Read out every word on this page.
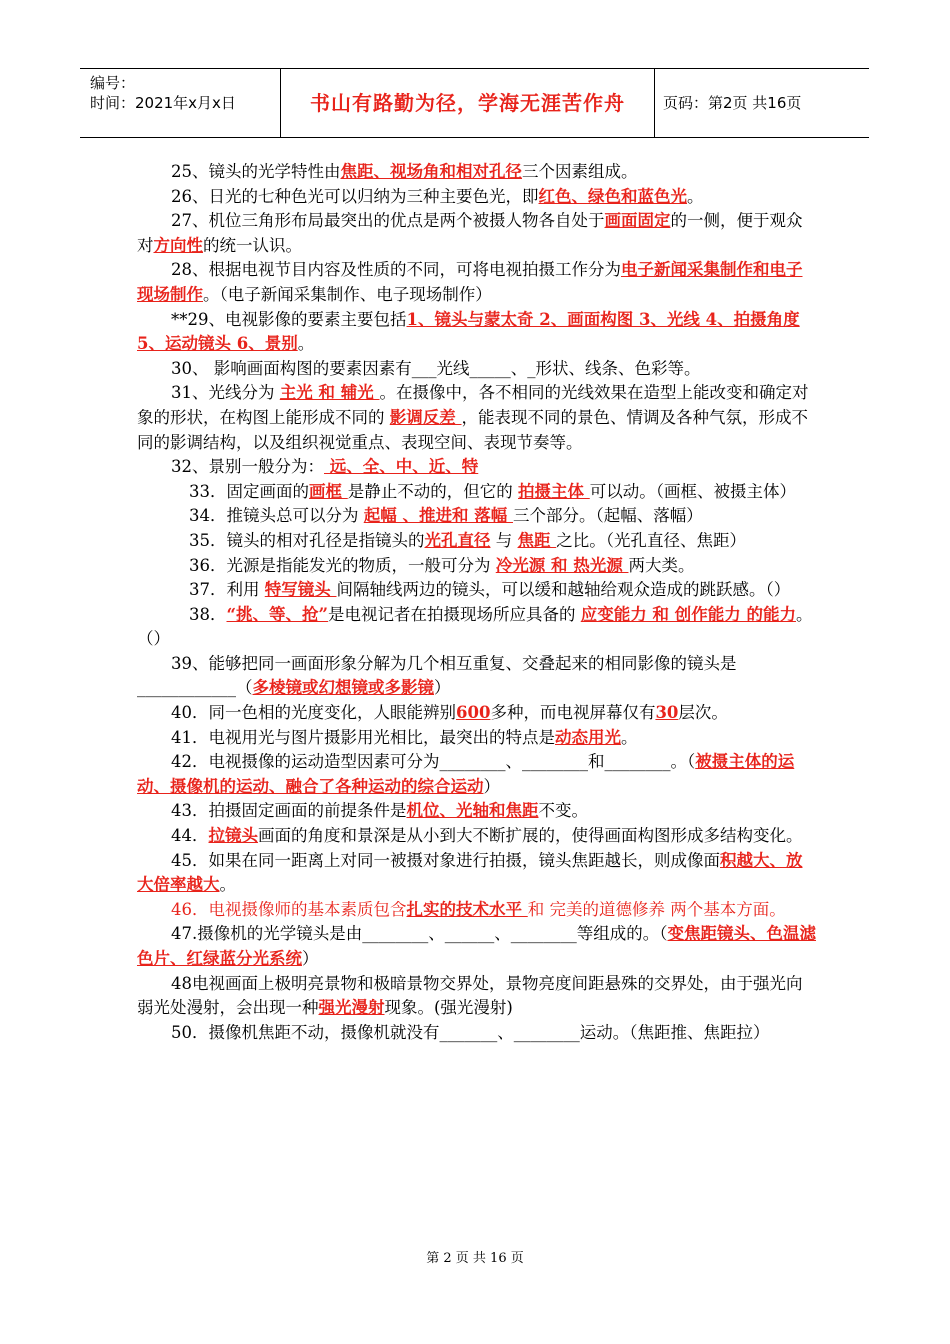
编号：
时间：2021年x月x日	书山有路勤为径，学海无涯苦作舟	页码：第2页 共16页

25、镜头的光学特性由焦距、视场角和相对孔径三个因素组成。

26、日光的七种色光可以归纳为三种主要色光，即红色、绿色和蓝色光。

27、机位三角形布局最突出的优点是两个被摄人物各自处于画面固定的一侧，便于观众对方向性的统一认识。

28、根据电视节目内容及性质的不同，可将电视拍摄工作分为电子新闻采集制作和电子现场制作。（电子新闻采集制作、电子现场制作）

**29、电视影像的要素主要包括1、镜头与蒙太奇 2、画面构图 3、光线 4、拍摄角度 5、运动镜头 6、景别。

30、 影响画面构图的要素因素有___光线_____、_形状、线条、色彩等。

31、光线分为 主光 和 辅光 。在摄像中，各不相同的光线效果在造型上能改变和确定对象的形状，在构图上能形成不同的 影调反差 ，能表现不同的景色、情调及各种气氛，形成不同的影调结构，以及组织视觉重点、表现空间、表现节奏等。

32、景别一般分为： 远、全、中、近、特

33．固定画面的画框 是静止不动的，但它的 拍摄主体 可以动。（画框、被摄主体）

34．推镜头总可以分为 起幅 、推进和 落幅 三个部分。（起幅、落幅）

35．镜头的相对孔径是指镜头的光孔直径 与 焦距 之比。（光孔直径、焦距）

36．光源是指能发光的物质，一般可分为 冷光源 和 热光源 两大类。

37．利用 特写镜头 间隔轴线两边的镜头，可以缓和越轴给观众造成的跳跃感。（）

38．“挑、等、抢”是电视记者在拍摄现场所应具备的 应变能力 和 创作能力 的能力。（）

39、能够把同一画面形象分解为几个相互重复、交叠起来的相同影像的镜头是____________（多棱镜或幻想镜或多影镜）

40．同一色相的光度变化，人眼能辨别600多种，而电视屏幕仅有30层次。

41．电视用光与图片摄影用光相比，最突出的特点是动态用光。

42．电视摄像的运动造型因素可分为________、________和________。（被摄主体的运动、摄像机的运动、融合了各种运动的综合运动）

43．拍摄固定画面的前提条件是机位、光轴和焦距不变。

44．拉镜头画面的角度和景深是从小到大不断扩展的，使得画面构图形成多结构变化。

45．如果在同一距离上对同一被摄对象进行拍摄，镜头焦距越长，则成像面积越大、放大倍率越大。

46．电视摄像师的基本素质包含扎实的技术水平 和 完美的道德修养 两个基本方面。

47.摄像机的光学镜头是由________、______、________等组成的。（变焦距镜头、色温滤色片、红绿蓝分光系统）

48电视画面上极明亮景物和极暗景物交界处，景物亮度间距悬殊的交界处，由于强光向弱光处漫射，会出现一种强光漫射现象。(强光漫射)

50．摄像机焦距不动，摄像机就没有_______、________运动。（焦距推、焦距拉）

第 2 页 共 16 页
